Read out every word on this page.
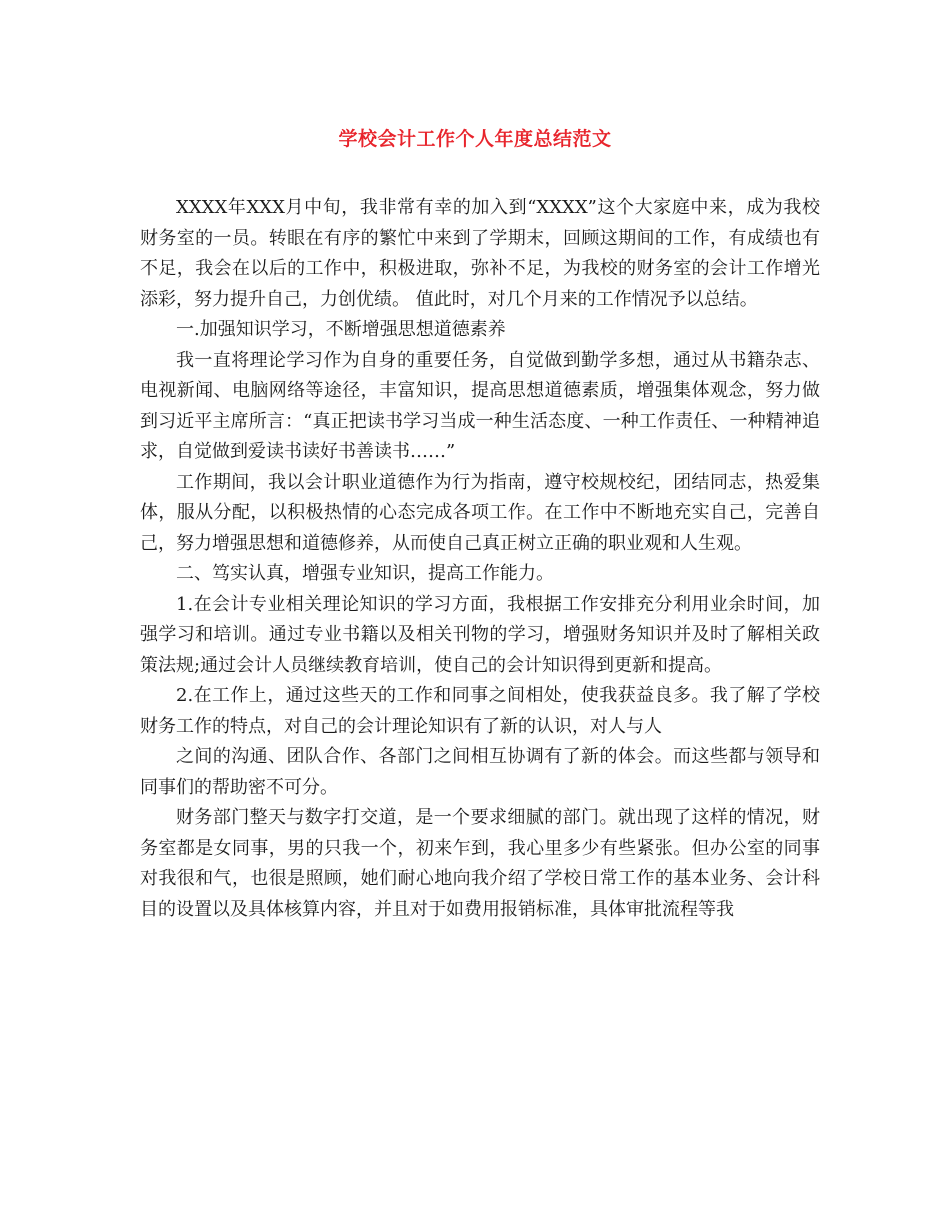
学校会计工作个人年度总结范文

XXXX年XXX月中旬，我非常有幸的加入到“XXXX”这个大家庭中来，成为我校财务室的一员。转眼在有序的繁忙中来到了学期末，回顾这期间的工作，有成绩也有不足，我会在以后的工作中，积极进取，弥补不足，为我校的财务室的会计工作增光添彩，努力提升自己，力创优绩。 值此时，对几个月来的工作情况予以总结。

一.加强知识学习，不断增强思想道德素养

我一直将理论学习作为自身的重要任务，自觉做到勤学多想，通过从书籍杂志、电视新闻、电脑网络等途径，丰富知识，提高思想道德素质，增强集体观念，努力做到习近平主席所言：“真正把读书学习当成一种生活态度、一种工作责任、一种精神追求，自觉做到爱读书读好书善读书……”

工作期间，我以会计职业道德作为行为指南，遵守校规校纪，团结同志，热爱集体，服从分配，以积极热情的心态完成各项工作。在工作中不断地充实自己，完善自己，努力增强思想和道德修养，从而使自己真正树立正确的职业观和人生观。

二、笃实认真，增强专业知识，提高工作能力。

1.在会计专业相关理论知识的学习方面，我根据工作安排充分利用业余时间，加强学习和培训。通过专业书籍以及相关刊物的学习，增强财务知识并及时了解相关政策法规;通过会计人员继续教育培训，使自己的会计知识得到更新和提高。

2.在工作上，通过这些天的工作和同事之间相处，使我获益良多。我了解了学校财务工作的特点，对自己的会计理论知识有了新的认识，对人与人

之间的沟通、团队合作、各部门之间相互协调有了新的体会。而这些都与领导和同事们的帮助密不可分。

财务部门整天与数字打交道，是一个要求细腻的部门。就出现了这样的情况，财务室都是女同事，男的只我一个，初来乍到，我心里多少有些紧张。但办公室的同事对我很和气，也很是照顾，她们耐心地向我介绍了学校日常工作的基本业务、会计科目的设置以及具体核算内容，并且对于如费用报销标准，具体审批流程等我
